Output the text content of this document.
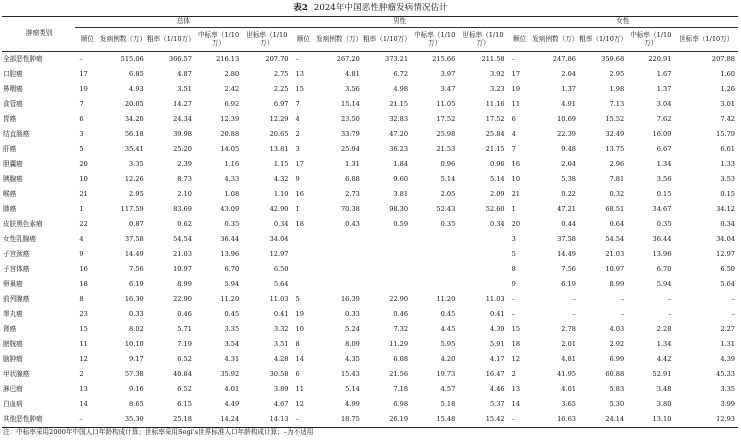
表2 2024年中国恶性肿瘤发病情况估计
肿瘤类别	总体					男性					女性				
	顺位	发病例数（万）	粗率（1/10万）	中标率（1/10万）	世标率（1/10万）	顺位	发病例数（万）	粗率（1/10万）	中标率（1/10万）	世标率（1/10万）	顺位	发病例数（万）	粗率（1/10万）	中标率（1/10万）	世标率（1/10万）
全部恶性肿瘤	–	515.06	366.57	216.13	207.70	–	267.20	373.21	215.66	211.58	–	247.86	359.68	220.91	207.88
口腔癌	17	6.85	4.87	2.80	2.75	13	4.81	6.72	3.97	3.92	17	2.04	2.95	1.67	1.60
鼻咽癌	19	4.93	3.51	2.42	2.25	15	3.56	4.98	3.47	3.23	19	1.37	1.98	1.37	1.26
食管癌	7	20.05	14.27	6.92	6.97	7	15.14	21.15	11.05	11.16	11	4.91	7.13	3.04	3.01
胃癌	6	34.20	24.34	12.39	12.29	4	23.50	32.83	17.52	17.52	6	10.69	15.52	7.62	7.42
结直肠癌	3	56.18	39.98	20.88	20.65	2	33.79	47.20	25.98	25.84	4	22.39	32.49	16.09	15.79
肝癌	5	35.41	25.20	14.05	13.81	3	25.94	36.23	21.53	21.15	7	9.48	13.75	6.67	6.61
胆囊癌	20	3.35	2.39	1.16	1.15	17	1.31	1.84	0.96	0.96	16	2.04	2.96	1.34	1.33
胰腺癌	10	12.26	8.73	4.33	4.32	9	6.88	9.60	5.14	5.14	10	5.38	7.81	3.56	3.53
喉癌	21	2.95	2.10	1.08	1.10	16	2.73	3.81	2.05	2.09	21	0.22	0.32	0.15	0.15
肺癌	1	117.59	83.69	43.09	42.90	1	70.38	98.30	52.43	52.60	1	47.21	68.51	34.67	34.12
皮肤黑色素瘤	22	0.87	0.62	0.35	0.34	18	0.43	0.59	0.35	0.34	20	0.44	0.64	0.35	0.34
女性乳腺癌	4	37.58	54.54	36.44	34.04						3	37.58	54.54	36.44	34.04
子宫颈癌	9	14.49	21.03	13.96	12.97						5	14.49	21.03	13.96	12.97
子宫体癌	16	7.56	10.97	6.70	6.50						8	7.56	10.97	6.70	6.50
卵巢癌	18	6.19	8.99	5.94	5.64						9	6.19	8.99	5.94	5.64
前列腺癌	8	16.39	22.90	11.20	11.03	5	16.39	22.90	11.20	11.03	–	–	–	–	–
睾丸癌	23	0.33	0.46	0.45	0.41	19	0.33	0.46	0.45	0.41	–	–	–	–	–
肾癌	15	8.02	5.71	3.35	3.32	10	5.24	7.32	4.45	4.39	15	2.78	4.03	2.28	2.27
膀胱癌	11	10.10	7.19	3.54	3.51	8	8.09	11.29	5.95	5.91	18	2.01	2.92	1.34	1.31
脑肿瘤	12	9.17	6.52	4.31	4.28	14	4.35	6.08	4.20	4.17	12	4.81	6.99	4.42	4.39
甲状腺癌	2	57.38	40.84	35.92	30.58	6	15.43	21.56	19.73	16.47	2	41.95	60.88	52.91	45.33
淋巴瘤	13	9.16	6.52	4.01	3.89	11	5.14	7.18	4.57	4.46	13	4.01	5.83	3.48	3.35
白血病	14	8.65	6.15	4.49	4.67	12	4.99	6.98	5.18	5.37	14	3.65	5.30	3.80	3.99
其他恶性肿瘤	–	35.39	25.18	14.24	14.13	–	18.75	26.19	15.48	15.42	–	16.63	24.14	13.10	12.93
注：中标率采用2000年中国人口年龄构成计算；世标率采用Segi's世界标准人口年龄构成计算；–为不适用
